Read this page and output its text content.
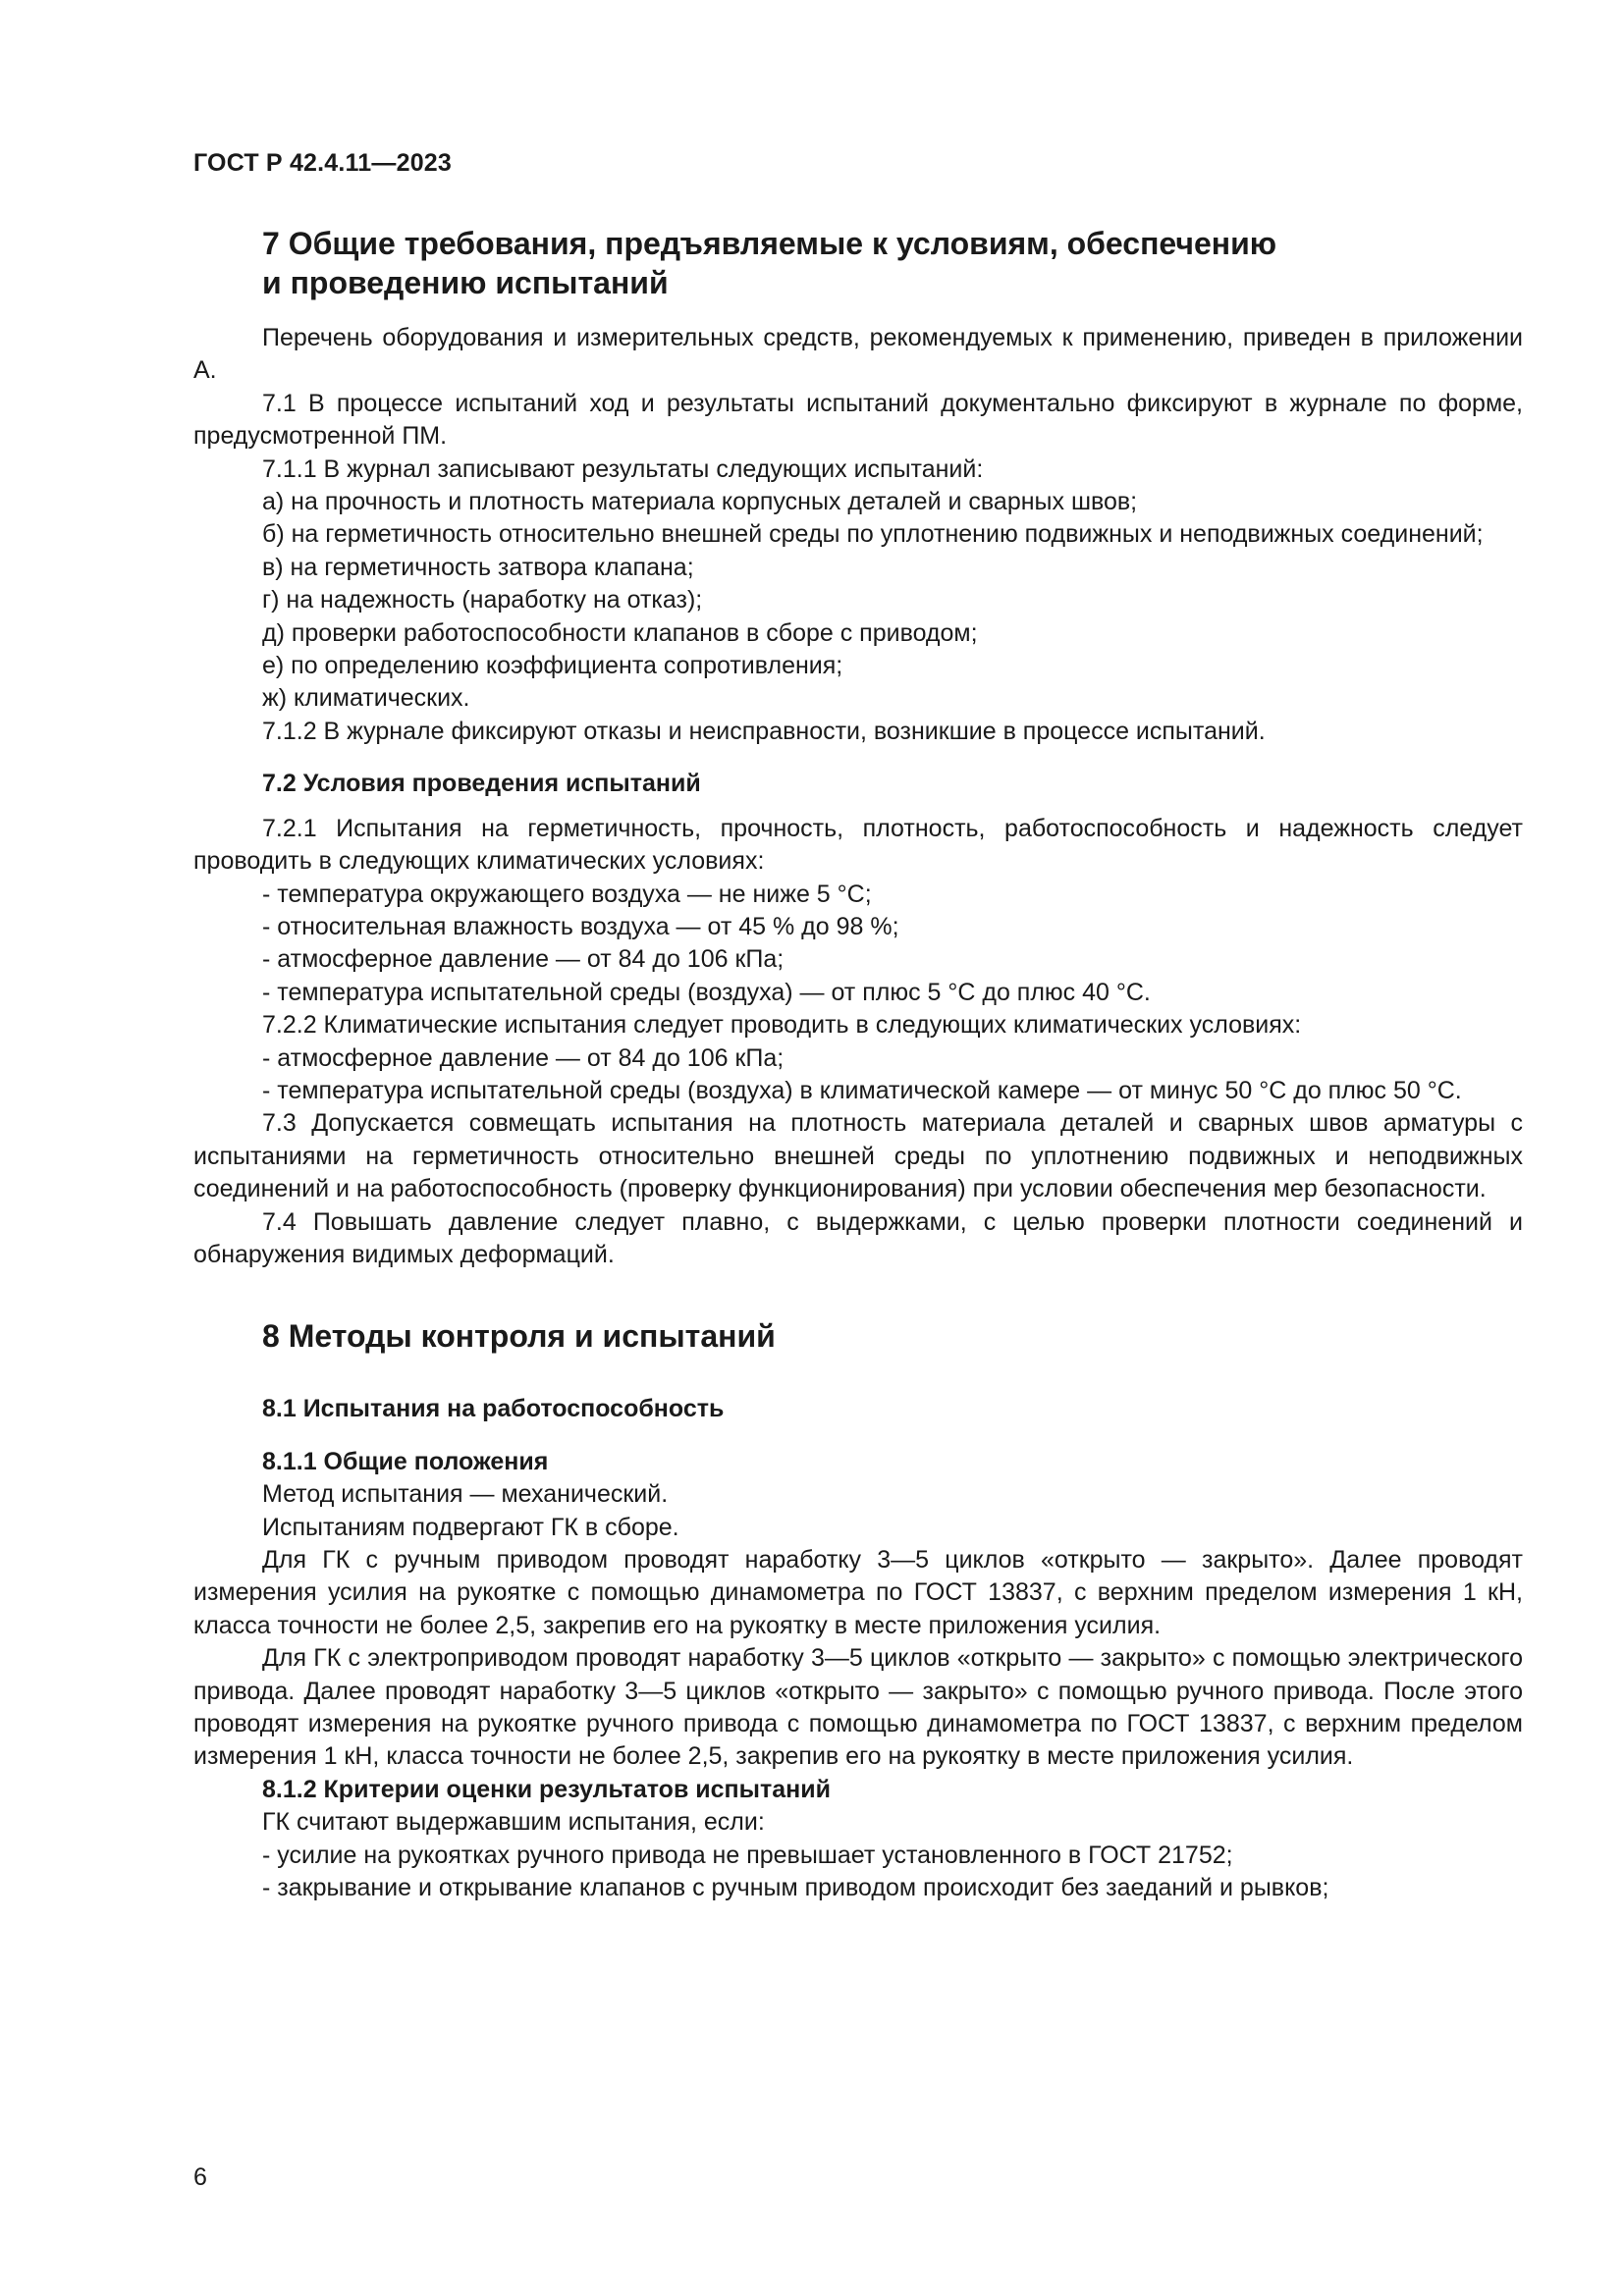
ГОСТ Р 42.4.11—2023

7 Общие требования, предъявляемые к условиям, обеспечению
и проведению испытаний

Перечень оборудования и измерительных средств, рекомендуемых к применению, приведен в приложении А.

7.1 В процессе испытаний ход и результаты испытаний документально фиксируют в журнале по форме, предусмотренной ПМ.

7.1.1 В журнал записывают результаты следующих испытаний:

а) на прочность и плотность материала корпусных деталей и сварных швов;

б) на герметичность относительно внешней среды по уплотнению подвижных и неподвижных соединений;

в) на герметичность затвора клапана;

г) на надежность (наработку на отказ);

д) проверки работоспособности клапанов в сборе с приводом;

е) по определению коэффициента сопротивления;

ж) климатических.

7.1.2 В журнале фиксируют отказы и неисправности, возникшие в процессе испытаний.

7.2 Условия проведения испытаний

7.2.1 Испытания на герметичность, прочность, плотность, работоспособность и надежность следует проводить в следующих климатических условиях:

- температура окружающего воздуха — не ниже 5 °С;

- относительная влажность воздуха — от 45 % до 98 %;

- атмосферное давление — от 84 до 106 кПа;

- температура испытательной среды (воздуха) — от плюс 5 °С до плюс 40 °С.

7.2.2 Климатические испытания следует проводить в следующих климатических условиях:

- атмосферное давление — от 84 до 106 кПа;

- температура испытательной среды (воздуха) в климатической камере — от минус 50 °С до плюс 50 °С.

7.3 Допускается совмещать испытания на плотность материала деталей и сварных швов арматуры с испытаниями на герметичность относительно внешней среды по уплотнению подвижных и неподвижных соединений и на работоспособность (проверку функционирования) при условии обеспечения мер безопасности.

7.4 Повышать давление следует плавно, с выдержками, с целью проверки плотности соединений и обнаружения видимых деформаций.

8 Методы контроля и испытаний
8.1 Испытания на работоспособность
8.1.1 Общие положения

Метод испытания — механический.

Испытаниям подвергают ГК в сборе.

Для ГК с ручным приводом проводят наработку 3—5 циклов «открыто — закрыто». Далее проводят измерения усилия на рукоятке с помощью динамометра по ГОСТ 13837, с верхним пределом измерения 1 кН, класса точности не более 2,5, закрепив его на рукоятку в месте приложения усилия.

Для ГК с электроприводом проводят наработку 3—5 циклов «открыто — закрыто» с помощью электрического привода. Далее проводят наработку 3—5 циклов «открыто — закрыто» с помощью ручного привода. После этого проводят измерения на рукоятке ручного привода с помощью динамометра по ГОСТ 13837, с верхним пределом измерения 1 кН, класса точности не более 2,5, закрепив его на рукоятку в месте приложения усилия.

8.1.2 Критерии оценки результатов испытаний

ГК считают выдержавшим испытания, если:

- усилие на рукоятках ручного привода не превышает установленного в ГОСТ 21752;

- закрывание и открывание клапанов с ручным приводом происходит без заеданий и рывков;

6
